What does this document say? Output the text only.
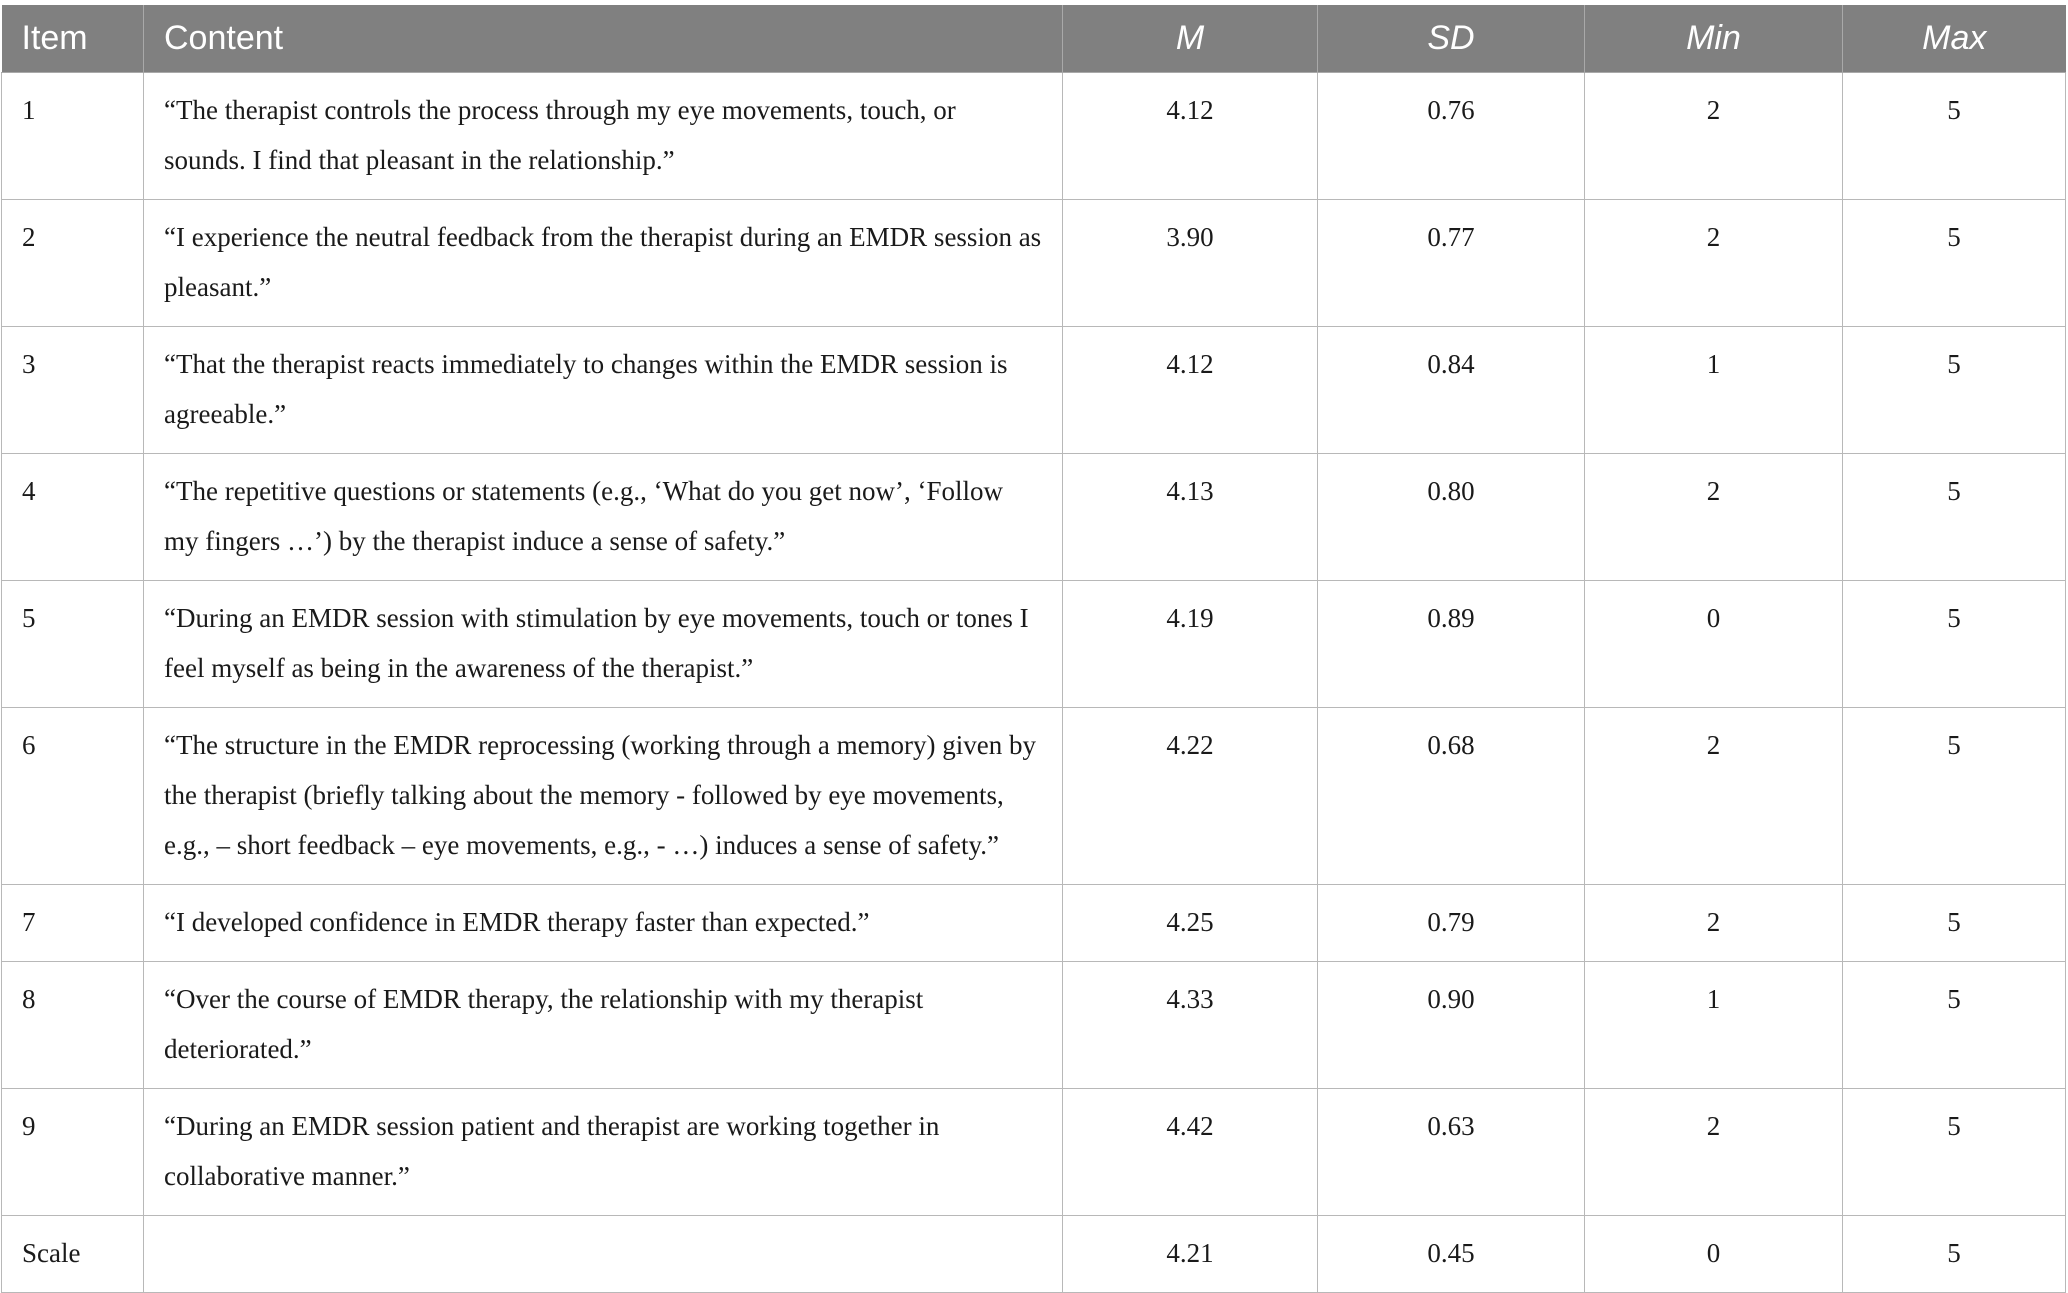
Item	Content	M	SD	Min	Max
1	“The therapist controls the process through my eye movements, touch, or sounds. I find that pleasant in the relationship.”	4.12	0.76	2	5
2	“I experience the neutral feedback from the therapist during an EMDR session as pleasant.”	3.90	0.77	2	5
3	“That the therapist reacts immediately to changes within the EMDR session is agreeable.”	4.12	0.84	1	5
4	“The repetitive questions or statements (e.g., ‘What do you get now’, ‘Follow my fingers …’) by the therapist induce a sense of safety.”	4.13	0.80	2	5
5	“During an EMDR session with stimulation by eye movements, touch or tones I feel myself as being in the awareness of the therapist.”	4.19	0.89	0	5
6	“The structure in the EMDR reprocessing (working through a memory) given by the therapist (briefly talking about the memory - followed by eye movements, e.g., – short feedback – eye movements, e.g., - …) induces a sense of safety.”	4.22	0.68	2	5
7	“I developed confidence in EMDR therapy faster than expected.”	4.25	0.79	2	5
8	“Over the course of EMDR therapy, the relationship with my therapist deteriorated.”	4.33	0.90	1	5
9	“During an EMDR session patient and therapist are working together in collaborative manner.”	4.42	0.63	2	5
Scale		4.21	0.45	0	5
